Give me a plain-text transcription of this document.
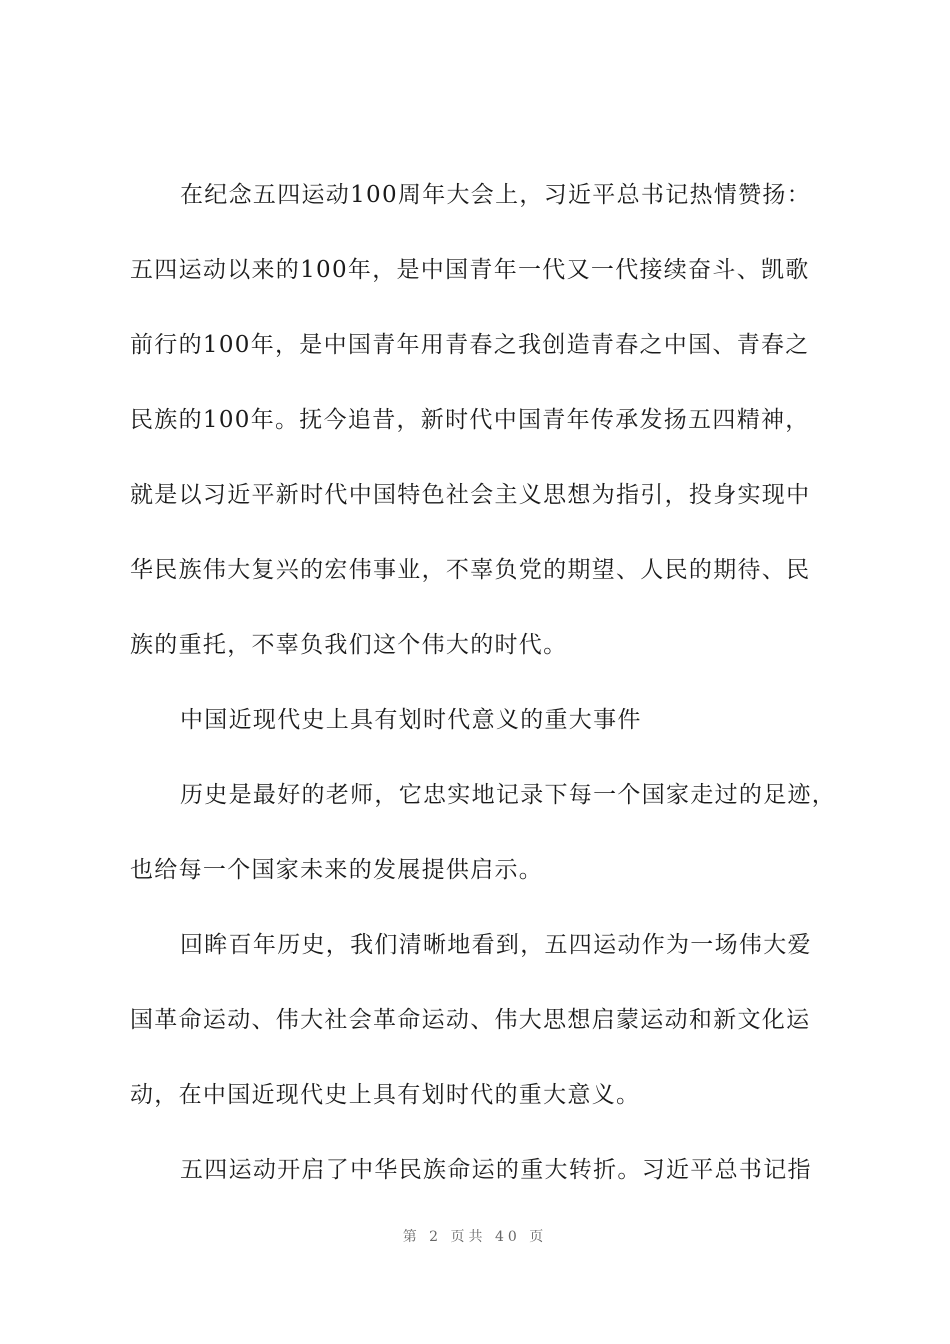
在纪念五四运动100周年大会上，习近平总书记热情赞扬：
五四运动以来的100年，是中国青年一代又一代接续奋斗、凯歌
前行的100年，是中国青年用青春之我创造青春之中国、青春之
民族的100年。抚今追昔，新时代中国青年传承发扬五四精神，
就是以习近平新时代中国特色社会主义思想为指引，投身实现中
华民族伟大复兴的宏伟事业，不辜负党的期望、人民的期待、民
族的重托，不辜负我们这个伟大的时代。
中国近现代史上具有划时代意义的重大事件
历史是最好的老师，它忠实地记录下每一个国家走过的足迹，
也给每一个国家未来的发展提供启示。
回眸百年历史，我们清晰地看到，五四运动作为一场伟大爱
国革命运动、伟大社会革命运动、伟大思想启蒙运动和新文化运
动，在中国近现代史上具有划时代的重大意义。
五四运动开启了中华民族命运的重大转折。习近平总书记指
第 2 页共 40 页
